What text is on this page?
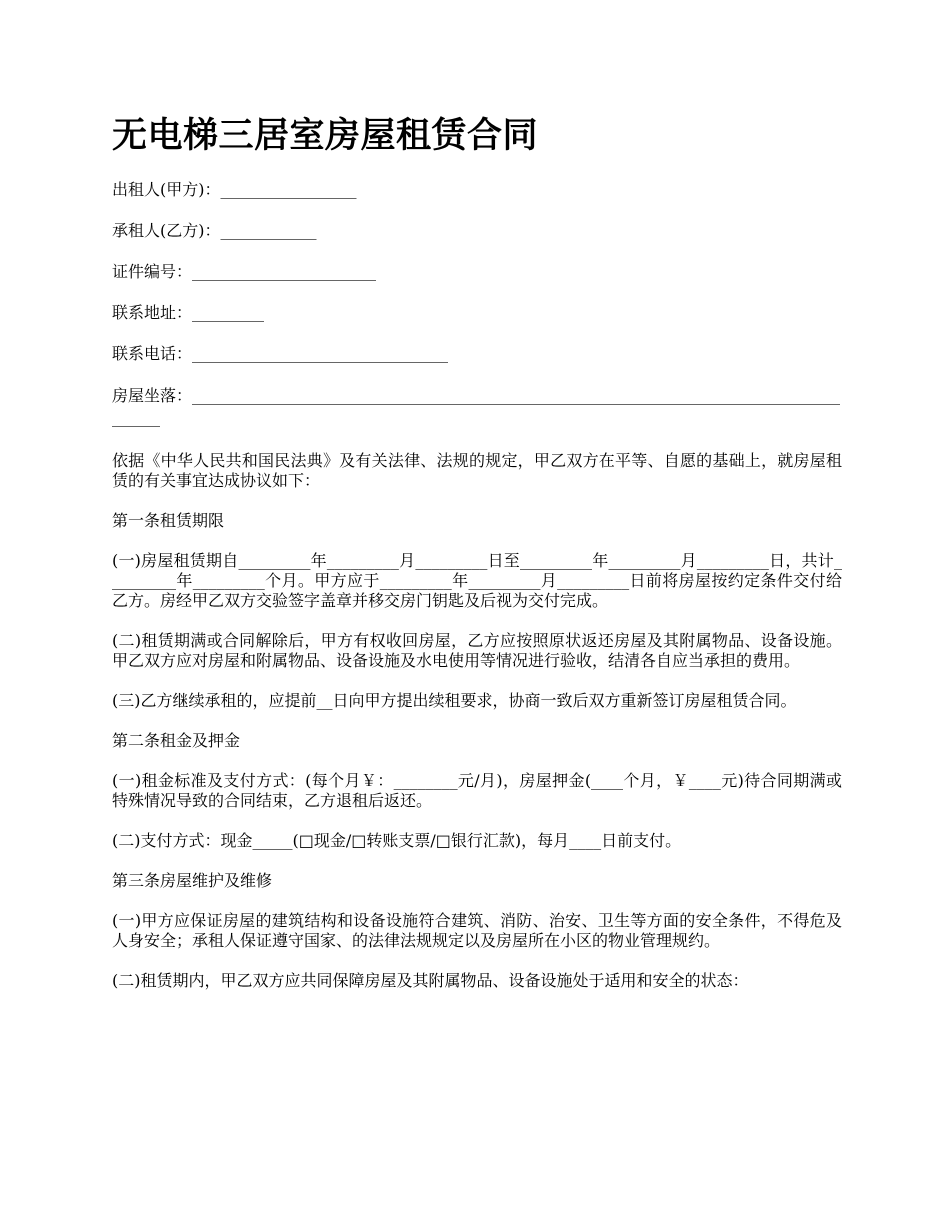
无电梯三居室房屋租赁合同
出租人(甲方)：_________________
承租人(乙方)：____________
证件编号：_______________________
联系地址：_________
联系电话：________________________________
房屋坐落：_______________________________________________________________________________________

依据《中华人民共和国民法典》及有关法律、法规的规定，甲乙双方在平等、自愿的基础上，就房屋租赁的有关事宜达成协议如下：

第一条租赁期限

(一)房屋租赁期自_________年_________月_________日至_________年_________月_________日，共计_________年_________个月。甲方应于_________年_________月_________日前将房屋按约定条件交付给乙方。房经甲乙双方交验签字盖章并移交房门钥匙及后视为交付完成。

(二)租赁期满或合同解除后，甲方有权收回房屋，乙方应按照原状返还房屋及其附属物品、设备设施。甲乙双方应对房屋和附属物品、设备设施及水电使用等情况进行验收，结清各自应当承担的费用。

(三)乙方继续承租的，应提前__日向甲方提出续租要求，协商一致后双方重新签订房屋租赁合同。

第二条租金及押金

(一)租金标准及支付方式：(每个月￥：________元/月)，房屋押金(____个月，￥____元)待合同期满或特殊情况导致的合同结束，乙方退租后返还。

(二)支付方式：现金_____(□现金/□转账支票/□银行汇款)，每月____日前支付。

第三条房屋维护及维修

(一)甲方应保证房屋的建筑结构和设备设施符合建筑、消防、治安、卫生等方面的安全条件，不得危及人身安全；承租人保证遵守国家、的法律法规规定以及房屋所在小区的物业管理规约。

(二)租赁期内，甲乙双方应共同保障房屋及其附属物品、设备设施处于适用和安全的状态：
